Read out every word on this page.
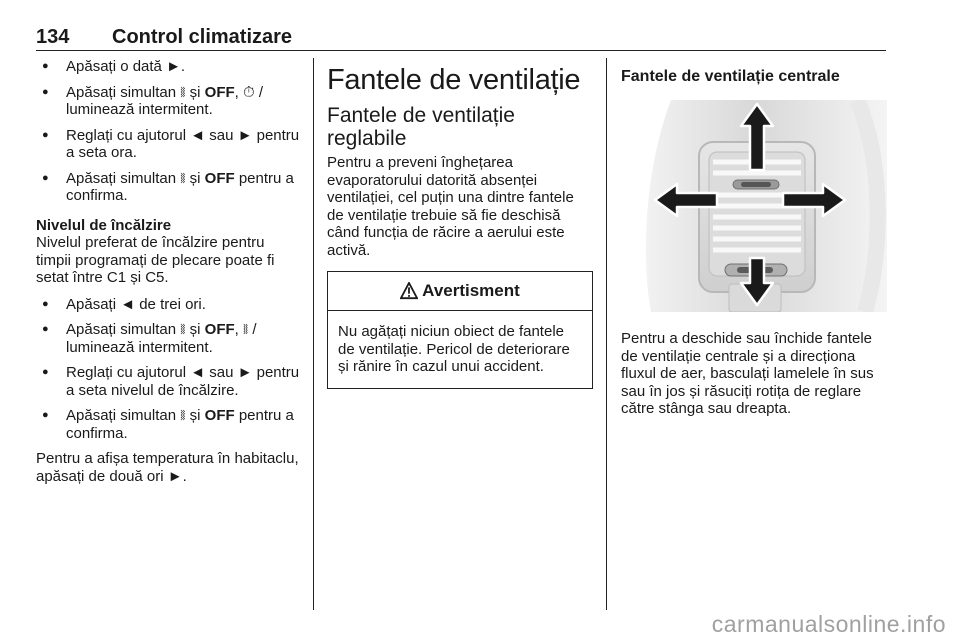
134 Control climatizare
● Apăsați o dată ►.
● Apăsați simultan ⧚ și OFF, ⏱ / luminează intermitent.
● Reglați cu ajutorul ◄ sau ► pentru a seta ora.
● Apăsați simultan ⧚ și OFF pentru a confirma.
Nivelul de încălzire

Nivelul preferat de încălzire pentru timpii programați de plecare poate fi setat între C1 și C5.

● Apăsați ◄ de trei ori.
● Apăsați simultan ⧚ și OFF, ⧚ / luminează intermitent.
● Reglați cu ajutorul ◄ sau ► pentru a seta nivelul de încălzire.
● Apăsați simultan ⧚ și OFF pentru a confirma.

Pentru a afișa temperatura în habitaclu, apăsați de două ori ►.

Fantele de ventilație
Fantele de ventilație reglabile

Pentru a preveni înghețarea evaporatorului datorită absenței ventilației, cel puțin una dintre fantele de ventilație trebuie să fie deschisă când funcția de răcire a aerului este activă.

Avertisment
Nu agățați niciun obiect de fantele de ventilație. Pericol de deteriorare și rănire în cazul unui accident.
Fantele de ventilație centrale

Pentru a deschide sau închide fantele de ventilație centrale și a direcționa fluxul de aer, basculați lamelele în sus sau în jos și răsuciți rotița de reglare către stânga sau dreapta.

carmanualsonline.info
